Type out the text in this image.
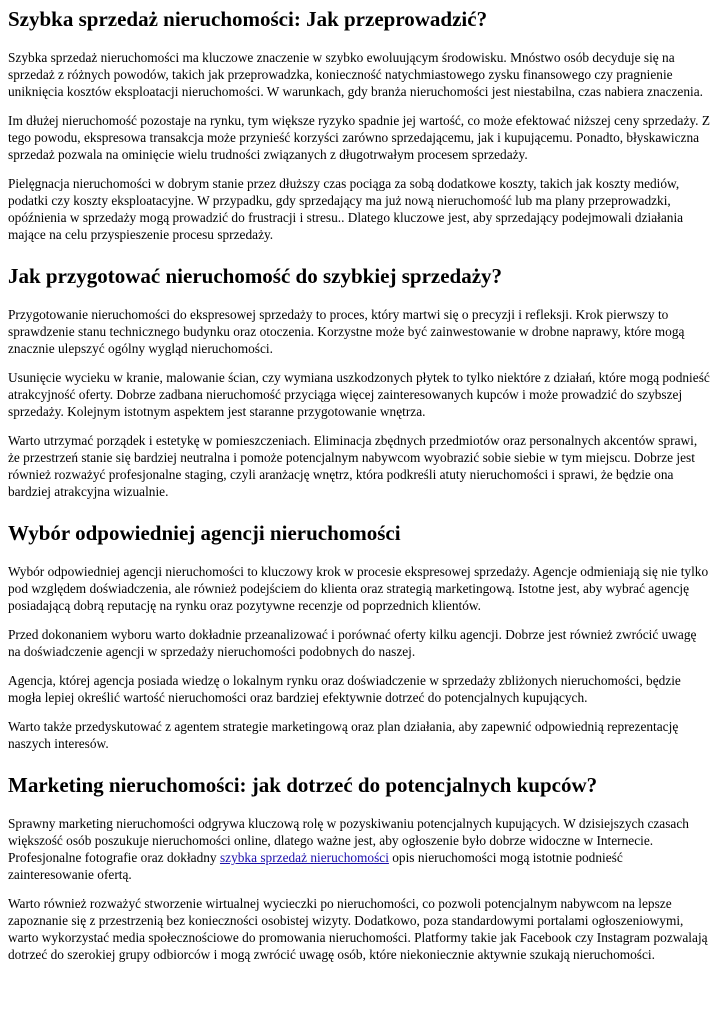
Szybka sprzedaż nieruchomości: Jak przeprowadzić?

Szybka sprzedaż nieruchomości ma kluczowe znaczenie w szybko ewoluującym środowisku. Mnóstwo osób decyduje się na sprzedaż z różnych powodów, takich jak przeprowadzka, konieczność natychmiastowego zysku finansowego czy pragnienie uniknięcia kosztów eksploatacji nieruchomości. W warunkach, gdy branża nieruchomości jest niestabilna, czas nabiera znaczenia.

Im dłużej nieruchomość pozostaje na rynku, tym większe ryzyko spadnie jej wartość, co może efektować niższej ceny sprzedaży. Z tego powodu, ekspresowa transakcja może przynieść korzyści zarówno sprzedającemu, jak i kupującemu. Ponadto, błyskawiczna sprzedaż pozwala na ominięcie wielu trudności związanych z długotrwałym procesem sprzedaży.

Pielęgnacja nieruchomości w dobrym stanie przez dłuższy czas pociąga za sobą dodatkowe koszty, takich jak koszty mediów, podatki czy koszty eksploatacyjne. W przypadku, gdy sprzedający ma już nową nieruchomość lub ma plany przeprowadzki, opóźnienia w sprzedaży mogą prowadzić do frustracji i stresu.. Dlatego kluczowe jest, aby sprzedający podejmowali działania mające na celu przyspieszenie procesu sprzedaży.

Jak przygotować nieruchomość do szybkiej sprzedaży?

Przygotowanie nieruchomości do ekspresowej sprzedaży to proces, który martwi się o precyzji i refleksji. Krok pierwszy to sprawdzenie stanu technicznego budynku oraz otoczenia. Korzystne może być zainwestowanie w drobne naprawy, które mogą znacznie ulepszyć ogólny wygląd nieruchomości.

Usunięcie wycieku w kranie, malowanie ścian, czy wymiana uszkodzonych płytek to tylko niektóre z działań, które mogą podnieść atrakcyjność oferty. Dobrze zadbana nieruchomość przyciąga więcej zainteresowanych kupców i może prowadzić do szybszej sprzedaży. Kolejnym istotnym aspektem jest staranne przygotowanie wnętrza.

Warto utrzymać porządek i estetykę w pomieszczeniach. Eliminacja zbędnych przedmiotów oraz personalnych akcentów sprawi, że przestrzeń stanie się bardziej neutralna i pomoże potencjalnym nabywcom wyobrazić sobie siebie w tym miejscu. Dobrze jest również rozważyć profesjonalne staging, czyli aranżację wnętrz, która podkreśli atuty nieruchomości i sprawi, że będzie ona bardziej atrakcyjna wizualnie.

Wybór odpowiedniej agencji nieruchomości

Wybór odpowiedniej agencji nieruchomości to kluczowy krok w procesie ekspresowej sprzedaży. Agencje odmieniają się nie tylko pod względem doświadczenia, ale również podejściem do klienta oraz strategią marketingową. Istotne jest, aby wybrać agencję posiadającą dobrą reputację na rynku oraz pozytywne recenzje od poprzednich klientów.

Przed dokonaniem wyboru warto dokładnie przeanalizować i porównać oferty kilku agencji. Dobrze jest również zwrócić uwagę na doświadczenie agencji w sprzedaży nieruchomości podobnych do naszej.

Agencja, której agencja posiada wiedzę o lokalnym rynku oraz doświadczenie w sprzedaży zbliżonych nieruchomości, będzie mogła lepiej określić wartość nieruchomości oraz bardziej efektywnie dotrzeć do potencjalnych kupujących.

Warto także przedyskutować z agentem strategie marketingową oraz plan działania, aby zapewnić odpowiednią reprezentację naszych interesów.

Marketing nieruchomości: jak dotrzeć do potencjalnych kupców?

Sprawny marketing nieruchomości odgrywa kluczową rolę w pozyskiwaniu potencjalnych kupujących. W dzisiejszych czasach większość osób poszukuje nieruchomości online, dlatego ważne jest, aby ogłoszenie było dobrze widoczne w Internecie. Profesjonalne fotografie oraz dokładny szybka sprzedaż nieruchomości opis nieruchomości mogą istotnie podnieść zainteresowanie ofertą.

Warto również rozważyć stworzenie wirtualnej wycieczki po nieruchomości, co pozwoli potencjalnym nabywcom na lepsze zapoznanie się z przestrzenią bez konieczności osobistej wizyty. Dodatkowo, poza standardowymi portalami ogłoszeniowymi, warto wykorzystać media społecznościowe do promowania nieruchomości. Platformy takie jak Facebook czy Instagram pozwalają dotrzeć do szerokiej grupy odbiorców i mogą zwrócić uwagę osób, które niekoniecznie aktywnie szukają nieruchomości.
